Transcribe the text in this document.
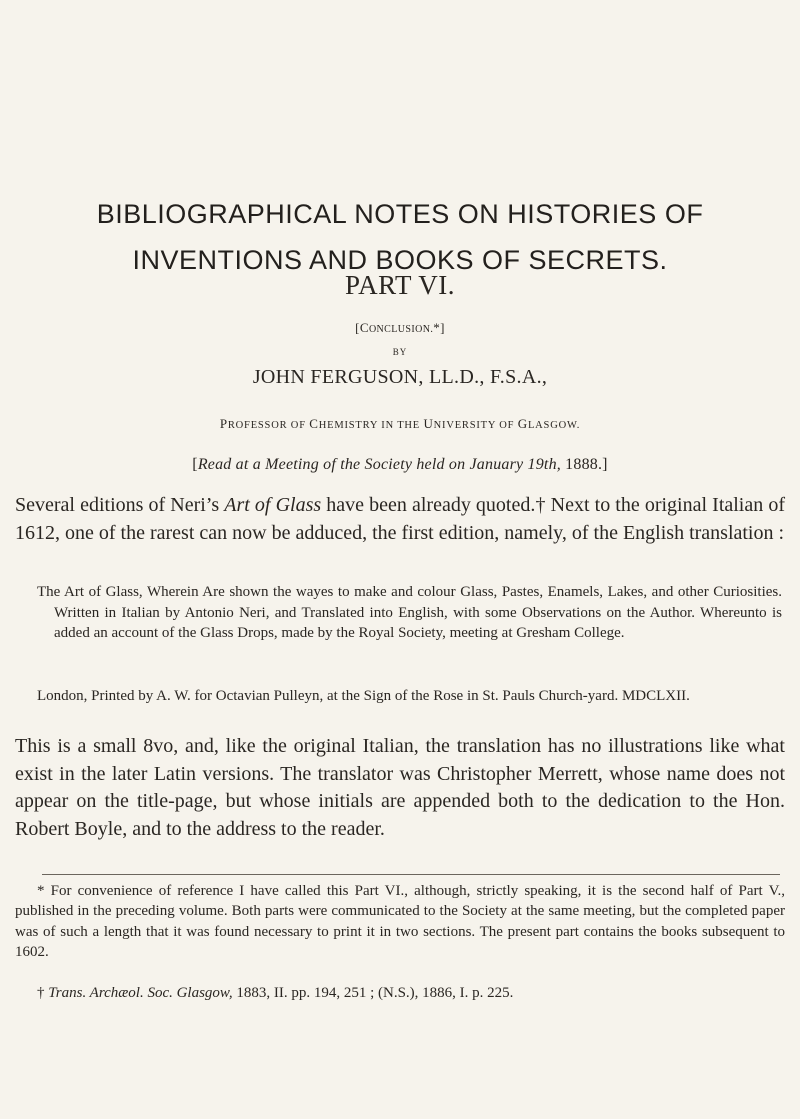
BIBLIOGRAPHICAL NOTES ON HISTORIES OF
INVENTIONS AND BOOKS OF SECRETS.
PART VI.
[CONCLUSION.*]
BY
JOHN FERGUSON, LL.D., F.S.A.,
PROFESSOR OF CHEMISTRY IN THE UNIVERSITY OF GLASGOW.
[Read at a Meeting of the Society held on January 19th, 1888.]
Several editions of Neri’s Art of Glass have been already quoted.† Next to the original Italian of 1612, one of the rarest can now be adduced, the first edition, namely, of the English translation :
The Art of Glass, Wherein Are shown the wayes to make and colour Glass, Pastes, Enamels, Lakes, and other Curiosities. Written in Italian by Antonio Neri, and Translated into English, with some Observations on the Author. Whereunto is added an account of the Glass Drops, made by the Royal Society, meeting at Gresham College.
London, Printed by A. W. for Octavian Pulleyn, at the Sign of the Rose in St. Pauls Church-yard. MDCLXII.
This is a small 8vo, and, like the original Italian, the translation has no illustrations like what exist in the later Latin versions. The translator was Christopher Merrett, whose name does not appear on the title-page, but whose initials are appended both to the dedication to the Hon. Robert Boyle, and to the address to the reader.
* For convenience of reference I have called this Part VI., although, strictly speaking, it is the second half of Part V., published in the preceding volume. Both parts were communicated to the Society at the same meeting, but the completed paper was of such a length that it was found necessary to print it in two sections. The present part contains the books subsequent to 1602.
† Trans. Archæol. Soc. Glasgow, 1883, II. pp. 194, 251 ; (N.S.), 1886, I. p. 225.
